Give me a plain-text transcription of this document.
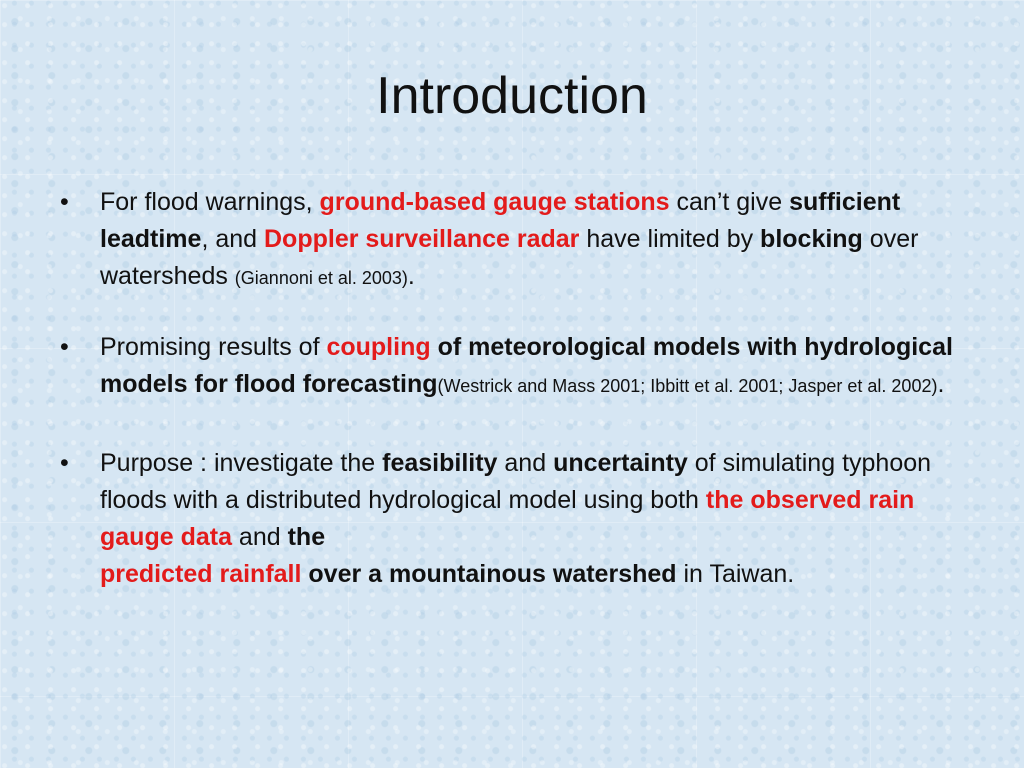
Introduction
• For flood warnings, ground-based gauge stations can’t give sufficient leadtime, and Doppler surveillance radar have limited by blocking over watersheds (Giannoni et al. 2003).
• Promising results of coupling of meteorological models with hydrological models for flood forecasting(Westrick and Mass 2001; Ibbitt et al. 2001; Jasper et al. 2002).
• Purpose : investigate the feasibility and uncertainty of simulating typhoon floods with a distributed hydrological model using both the observed rain gauge data and the
predicted rainfall over a mountainous watershed in Taiwan.
